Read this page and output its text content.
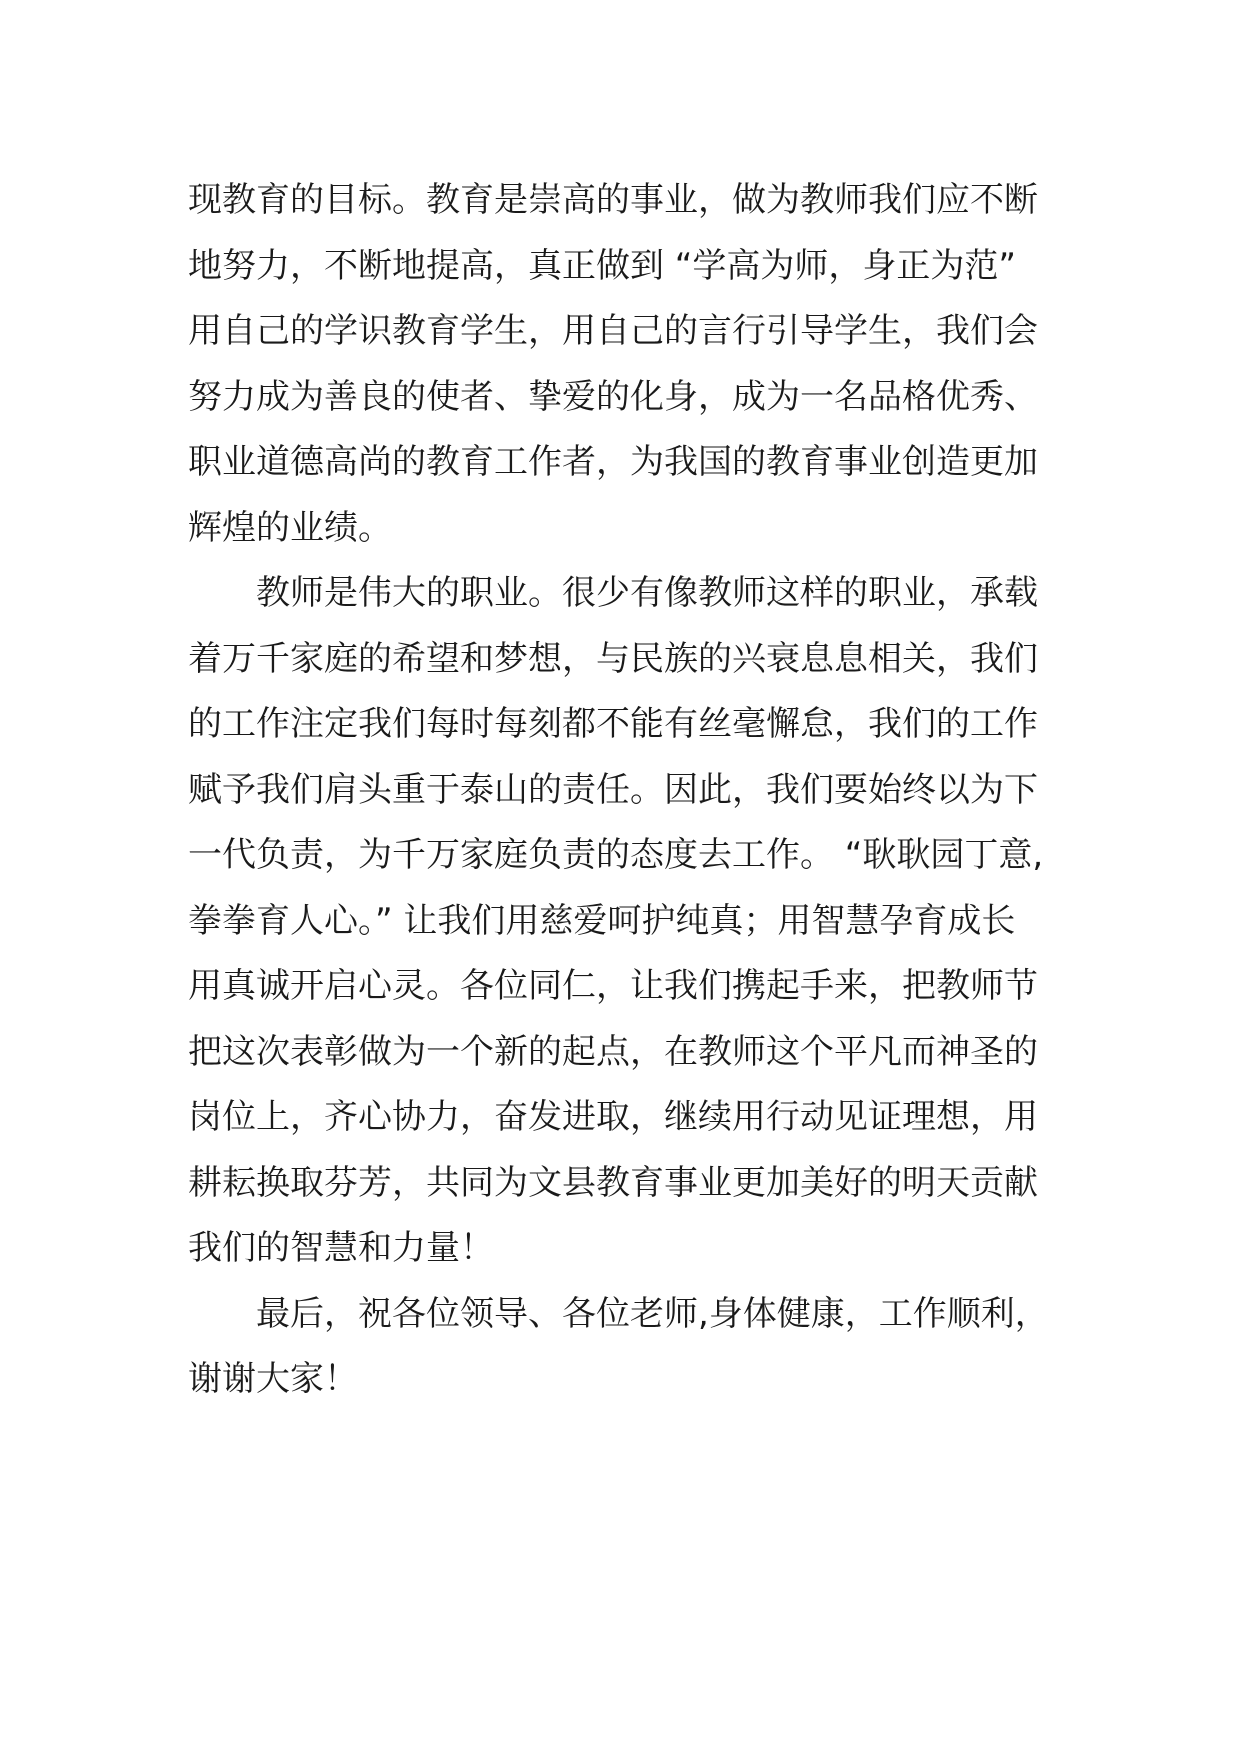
现教育的目标。教育是崇高的事业，做为教师我们应不断
地努力，不断地提高，真正做到 “学高为师，身正为范”
用自己的学识教育学生，用自己的言行引导学生，我们会
努力成为善良的使者、挚爱的化身，成为一名品格优秀、
职业道德高尚的教育工作者，为我国的教育事业创造更加
辉煌的业绩。
教师是伟大的职业。很少有像教师这样的职业，承载
着万千家庭的希望和梦想，与民族的兴衰息息相关，我们
的工作注定我们每时每刻都不能有丝毫懈怠，我们的工作
赋予我们肩头重于泰山的责任。因此，我们要始终以为下
一代负责，为千万家庭负责的态度去工作。 “耿耿园丁意,
拳拳育人心。” 让我们用慈爱呵护纯真；用智慧孕育成长
用真诚开启心灵。各位同仁，让我们携起手来，把教师节
把这次表彰做为一个新的起点，在教师这个平凡而神圣的
岗位上，齐心协力，奋发进取，继续用行动见证理想，用
耕耘换取芬芳，共同为文县教育事业更加美好的明天贡献
我们的智慧和力量！
最后，祝各位领导、各位老师,身体健康，工作顺利，
谢谢大家！
